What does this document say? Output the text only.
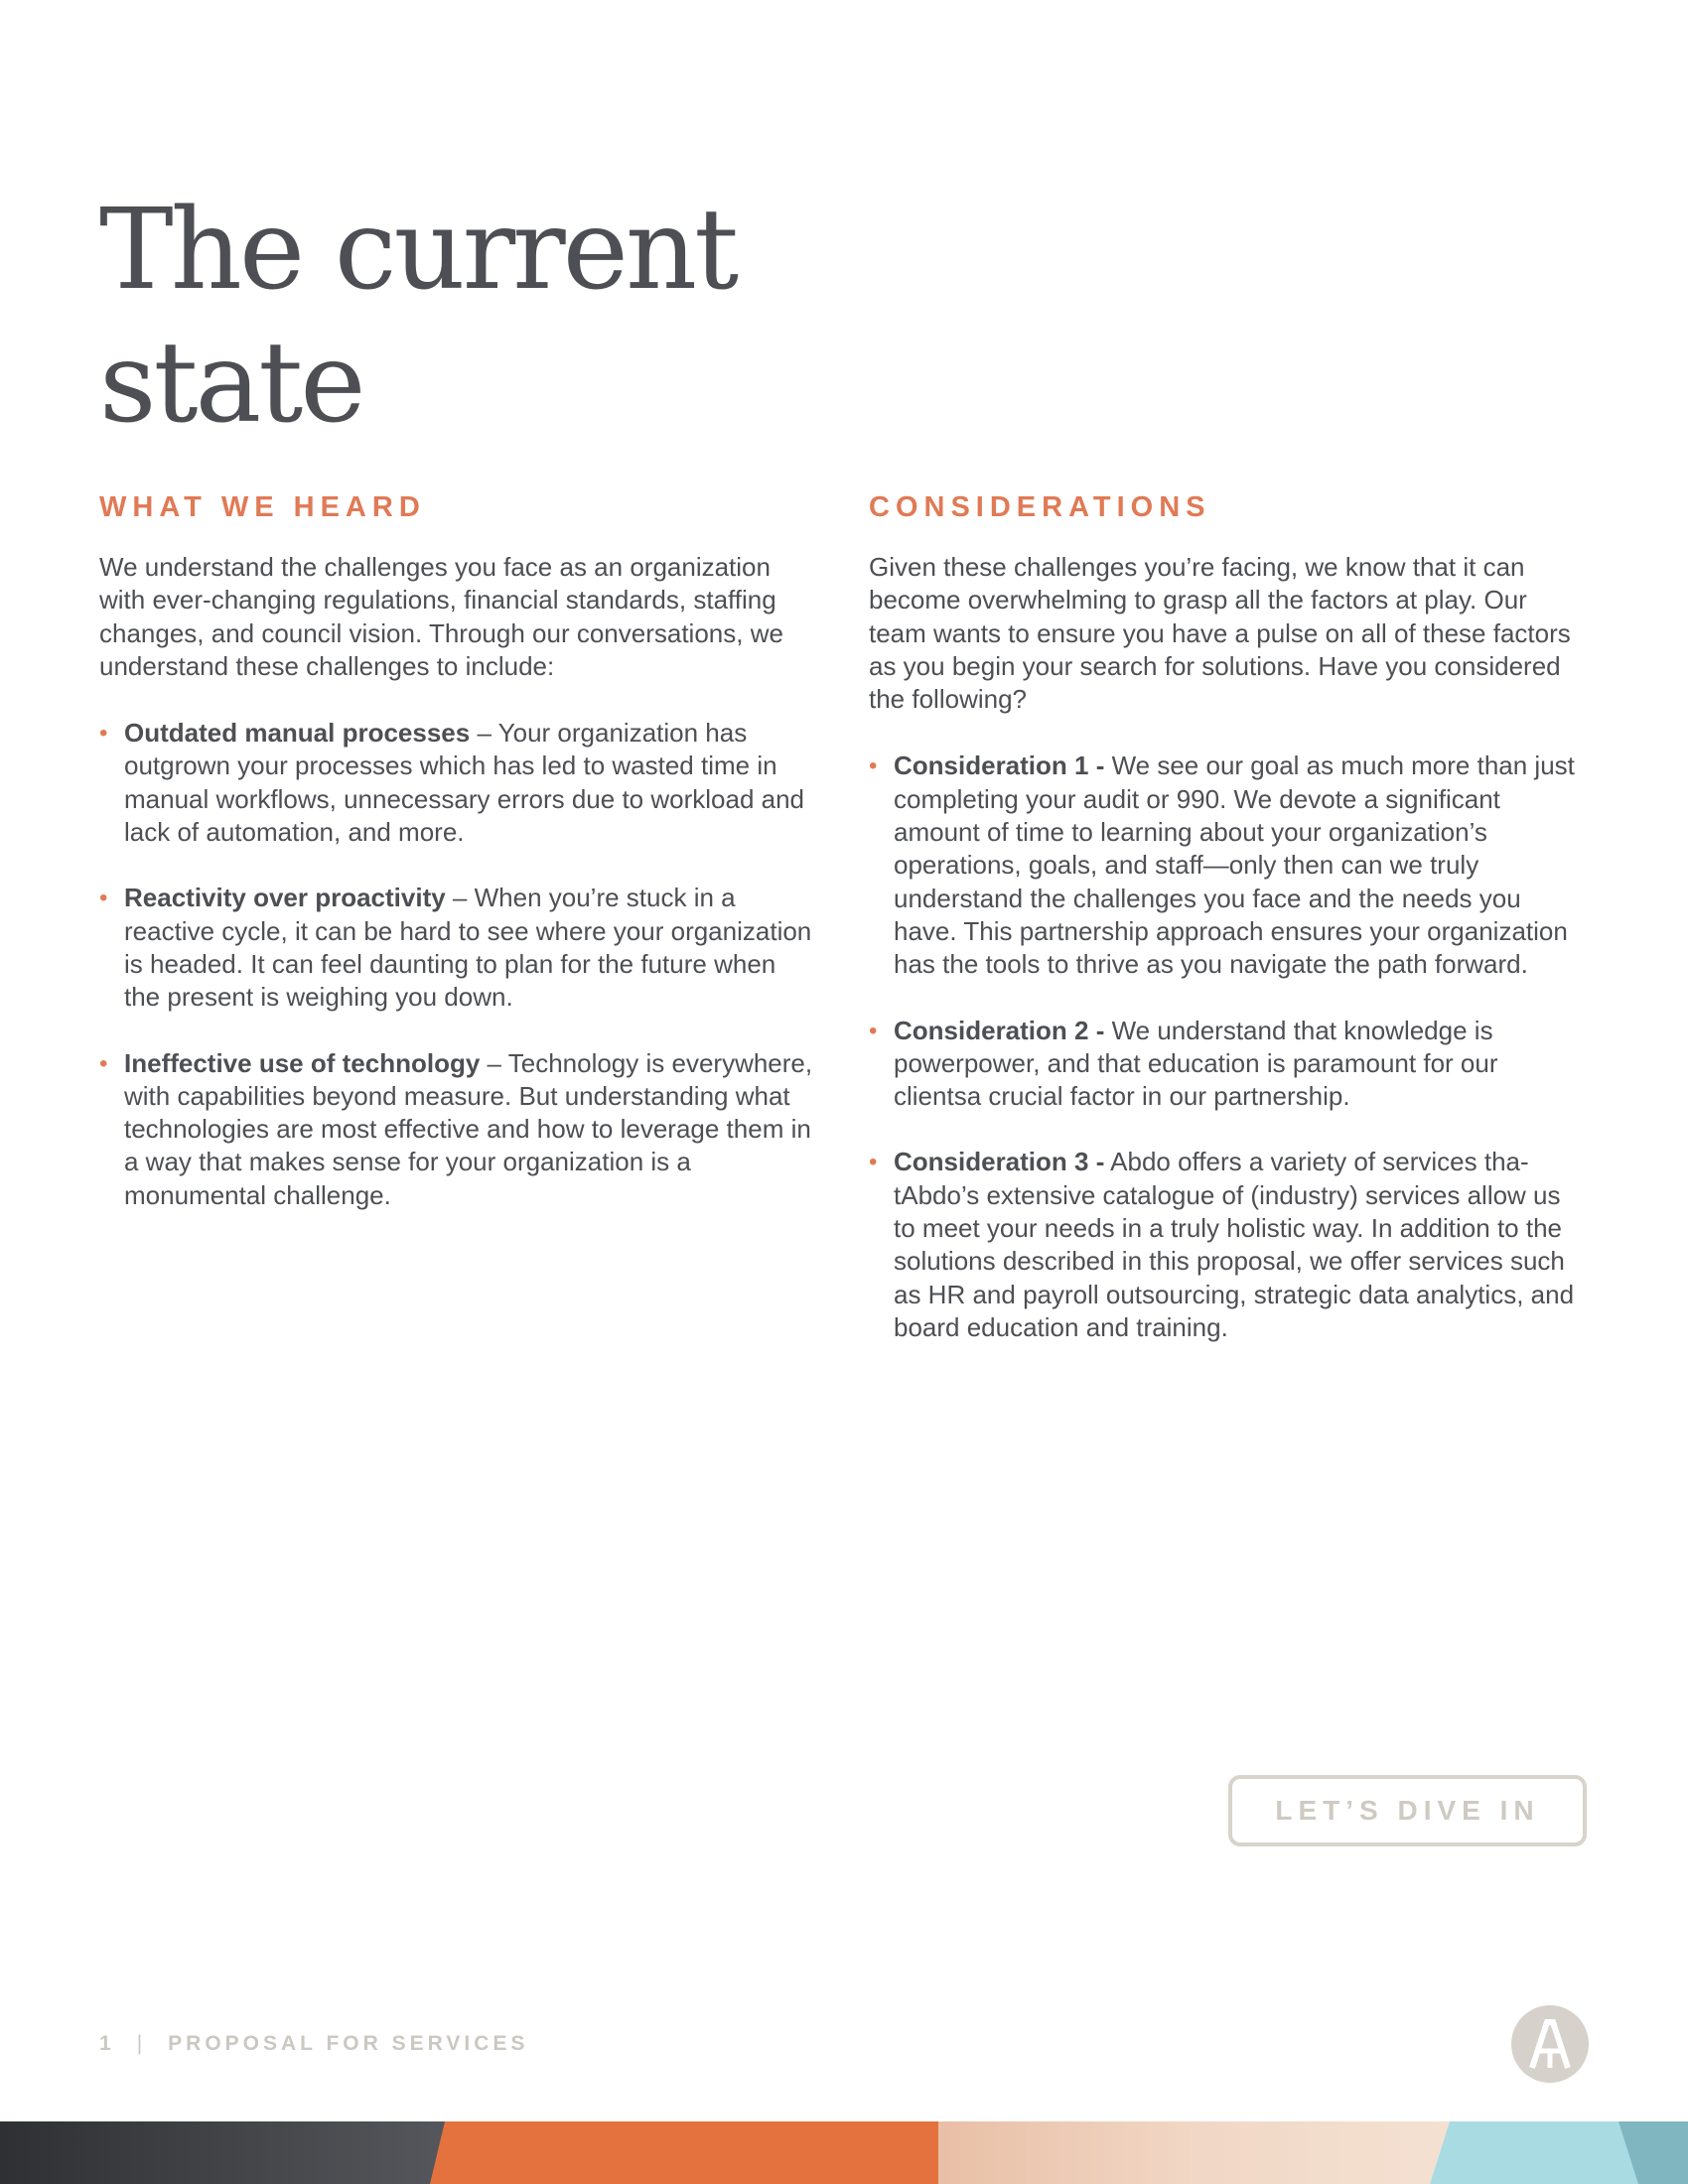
The current
state
WHAT WE HEARD

We understand the challenges you face as an organization with ever-changing regulations, financial standards, staffing changes, and council vision. Through our conversations, we understand these challenges to include:

• Outdated manual processes – Your organization has outgrown your processes which has led to wasted time in manual workflows, unnecessary errors due to workload and lack of automation, and more.
• Reactivity over proactivity – When you’re stuck in a reactive cycle, it can be hard to see where your organization is headed. It can feel daunting to plan for the future when the present is weighing you down.
• Ineffective use of technology – Technology is everywhere, with capabilities beyond measure. But understanding what technologies are most effective and how to leverage them in a way that makes sense for your organization is a monumental challenge.
CONSIDERATIONS

Given these challenges you’re facing, we know that it can become overwhelming to grasp all the factors at play. Our team wants to ensure you have a pulse on all of these factors as you begin your search for solutions. Have you considered the following?

• Consideration 1 - We see our goal as much more than just completing your audit or 990. We devote a significant amount of time to learning about your organization’s operations, goals, and staff—only then can we truly understand the challenges you face and the needs you have. This partnership approach ensures your organization has the tools to thrive as you navigate the path forward.
• Consideration 2 - We understand that knowledge is powerpower, and that education is paramount for our clientsa crucial factor in our partnership.
• Consideration 3 - Abdo offers a variety of services thatAbdo’s extensive catalogue of (industry) services allow us to meet your needs in a truly holistic way. In addition to the solutions described in this proposal, we offer services such as HR and payroll outsourcing, strategic data analytics, and board education and training.
LET’S DIVE IN
1 | PROPOSAL FOR SERVICES
